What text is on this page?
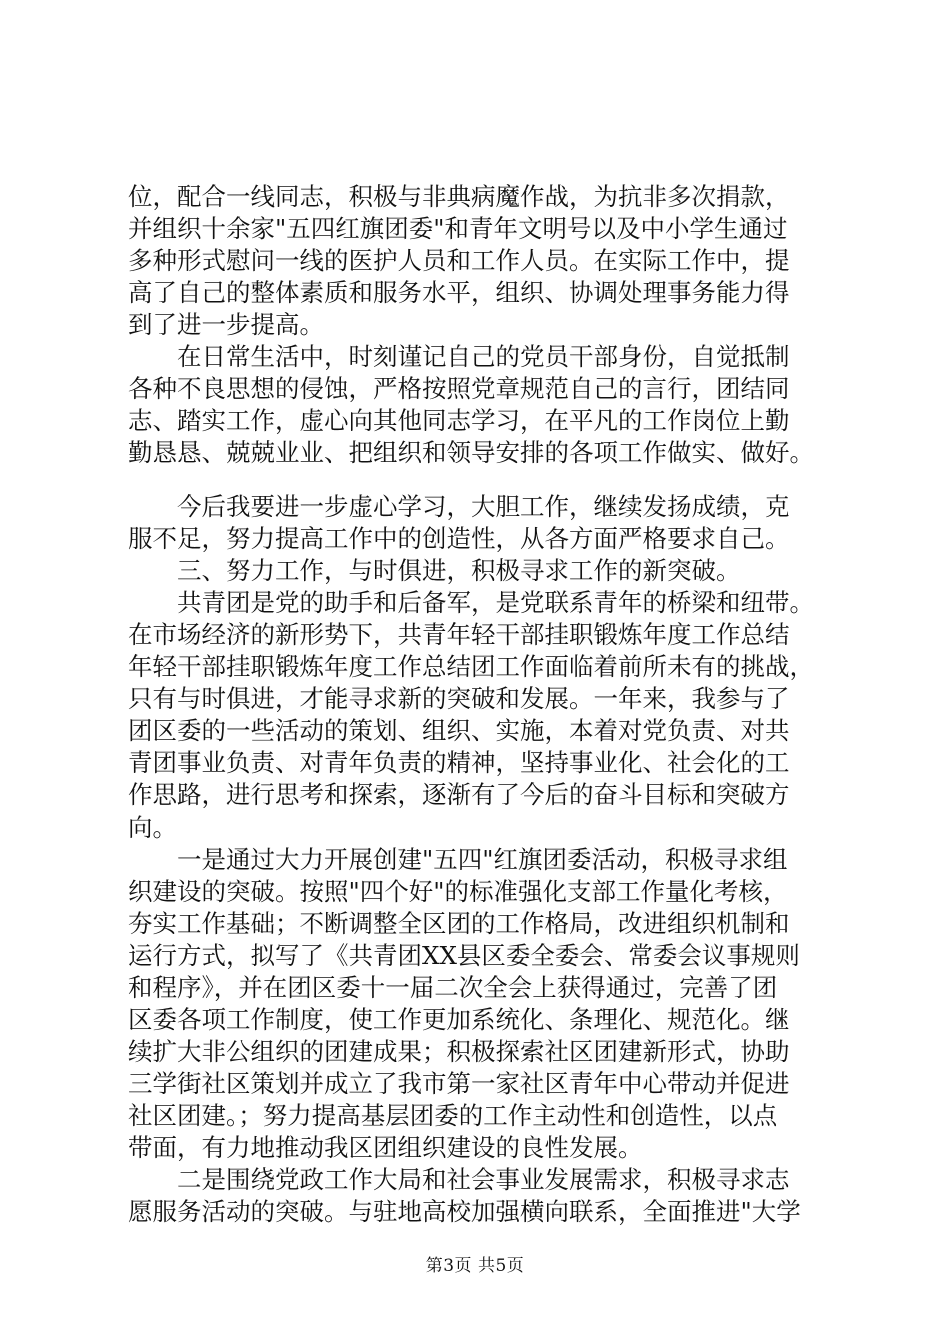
位，配合一线同志，积极与非典病魔作战，为抗非多次捐款，
并组织十余家"五四红旗团委"和青年文明号以及中小学生通过
多种形式慰问一线的医护人员和工作人员。在实际工作中，提
高了自己的整体素质和服务水平，组织、协调处理事务能力得
到了进一步提高。
　　在日常生活中，时刻谨记自己的党员干部身份，自觉抵制
各种不良思想的侵蚀，严格按照党章规范自己的言行，团结同
志、踏实工作，虚心向其他同志学习，在平凡的工作岗位上勤
勤恳恳、兢兢业业、把组织和领导安排的各项工作做实、做好。
　　今后我要进一步虚心学习，大胆工作，继续发扬成绩，克
服不足，努力提高工作中的创造性，从各方面严格要求自己。
　　三、努力工作，与时俱进，积极寻求工作的新突破。
　　共青团是党的助手和后备军，是党联系青年的桥梁和纽带。
在市场经济的新形势下，共青年轻干部挂职锻炼年度工作总结
年轻干部挂职锻炼年度工作总结团工作面临着前所未有的挑战，
只有与时俱进，才能寻求新的突破和发展。一年来，我参与了
团区委的一些活动的策划、组织、实施，本着对党负责、对共
青团事业负责、对青年负责的精神，坚持事业化、社会化的工
作思路，进行思考和探索，逐渐有了今后的奋斗目标和突破方
向。
　　一是通过大力开展创建"五四"红旗团委活动，积极寻求组
织建设的突破。按照"四个好"的标准强化支部工作量化考核，
夯实工作基础；不断调整全区团的工作格局，改进组织机制和
运行方式，拟写了《共青团XX县区委全委会、常委会议事规则
和程序》，并在团区委十一届二次全会上获得通过，完善了团
区委各项工作制度，使工作更加系统化、条理化、规范化。继
续扩大非公组织的团建成果；积极探索社区团建新形式，协助
三学街社区策划并成立了我市第一家社区青年中心带动并促进
社区团建。；努力提高基层团委的工作主动性和创造性，以点
带面，有力地推动我区团组织建设的良性发展。
　　二是围绕党政工作大局和社会事业发展需求，积极寻求志
愿服务活动的突破。与驻地高校加强横向联系，全面推进"大学
第3页 共5页
